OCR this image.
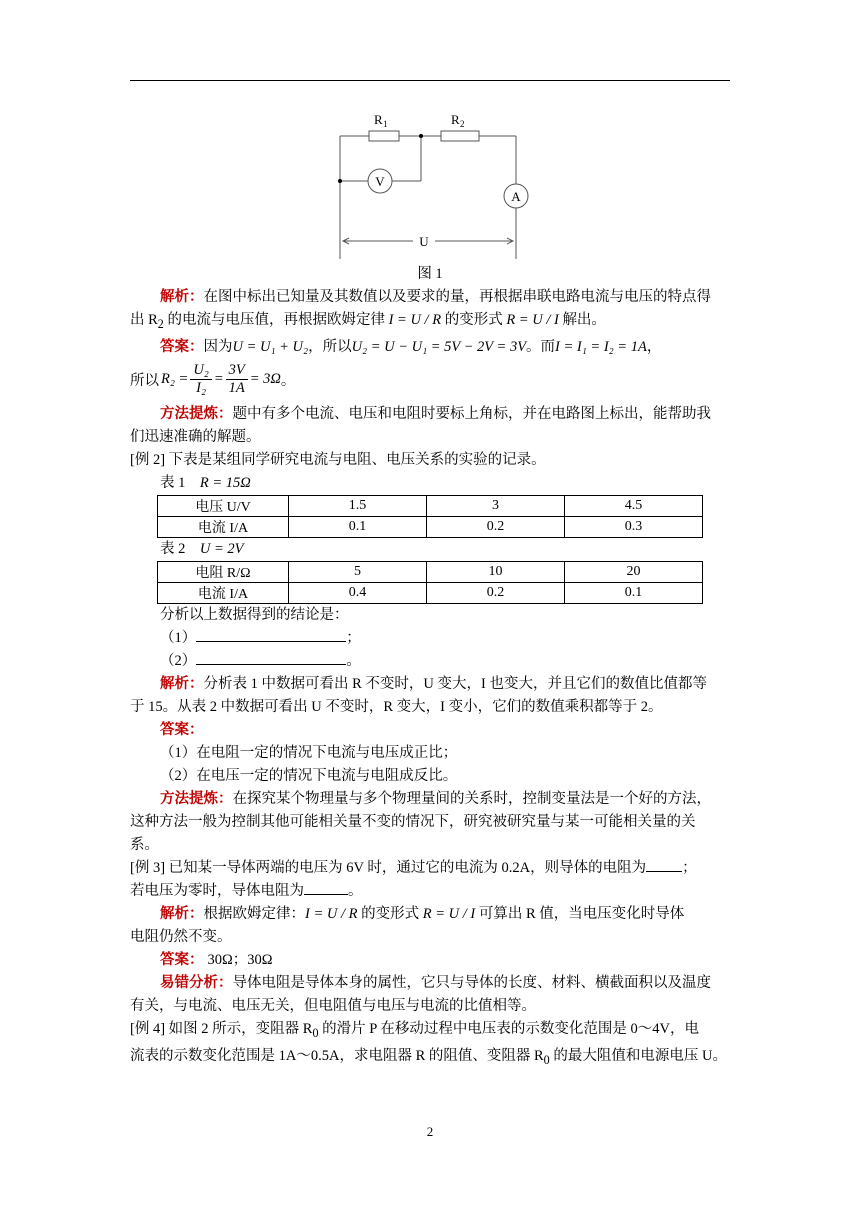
R 1	R 2
V
A
U
图 1
解析：在图中标出已知量及其数值以及要求的量，再根据串联电路电流与电压的特点得
出 $R_2$ 的电流与电压值，再根据欧姆定律 I = U / R 的变形式 R = U / I 解出。
答案：因为U = U₁ + U₂，所以U₂ = U − U₁ = 5V − 2V = 3V。而I = I₁ = I₂ = 1A，
所以 $R_2 = \frac{\text{U₂}}{\text{I₂}} = \frac{3V}{1A} = 3\Omega$ 。
方法提炼：题中有多个电流、电压和电阻时要标上角标，并在电路图上标出，能帮助我
们迅速准确的解题。
[例 2] 下表是某组同学研究电流与电阻、电压关系的实验的记录。
表 1    R = 15Ω
电压 U/V	1.5	3	4.5
电流 I/A	0.1	0.2	0.3
表 2    U = 2V
电阻 R/Ω	5	10	20
电流 I/A	0.4	0.2	0.1
分析以上数据得到的结论是：
（1）	；
（2）	。
解析：分析表 1 中数据可看出 R 不变时，U 变大，I 也变大，并且它们的数值比值都等
于 15。从表 2 中数据可看出 U 不变时，R 变大，I 变小，它们的数值乘积都等于 2。
答案：
（1）在电阻一定的情况下电流与电压成正比；
（2）在电压一定的情况下电流与电阻成反比。
方法提炼：在探究某个物理量与多个物理量间的关系时，控制变量法是一个好的方法，
这种方法一般为控制其他可能相关量不变的情况下，研究被研究量与某一可能相关量的关
系。
[例 3] 已知某一导体两端的电压为 6V 时，通过它的电流为 0.2A，则导体的电阻为 ；
若电压为零时，导体电阻为	。
解析：根据欧姆定律：I = U / R 的变形式 R = U / I 可算出 R 值，当电压变化时导体
电阻仍然不变。
答案： 30Ω；30Ω
易错分析：导体电阻是导体本身的属性，它只与导体的长度、材料、横截面积以及温度
有关，与电流、电压无关，但电阻值与电压与电流的比值相等。
[例 4] 如图 2 所示，变阻器 $R_0$ 的滑片 P 在移动过程中电压表的示数变化范围是 0～4V，电
流表的示数变化范围是 1A～0.5A，求电阻器 R 的阻值、变阻器 $R_0$ 的最大阻值和电源电压 U。
2
